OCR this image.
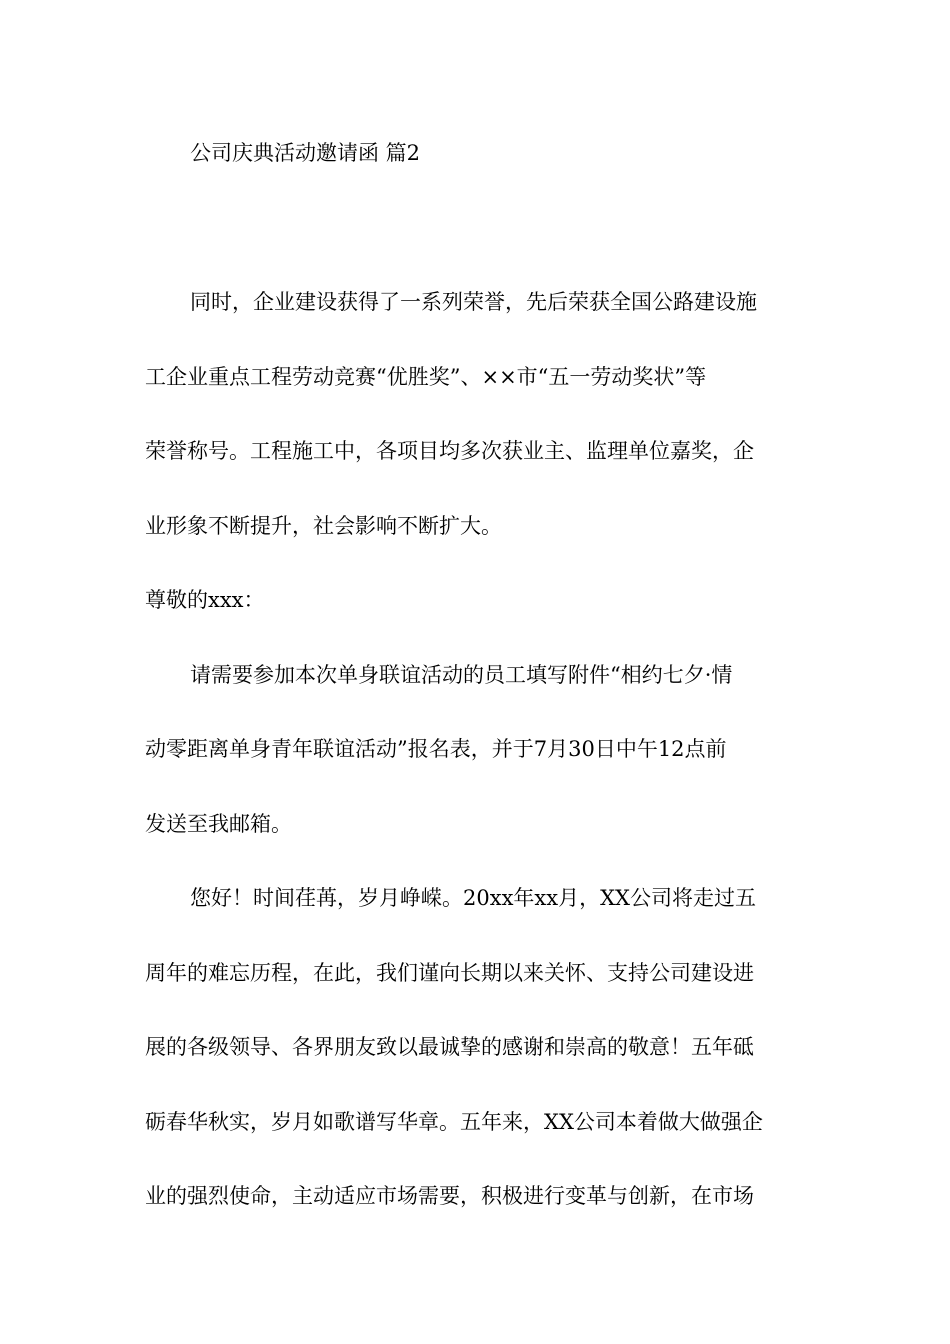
公司庆典活动邀请函 篇2
同时，企业建设获得了一系列荣誉，先后荣获全国公路建设施
工企业重点工程劳动竞赛“优胜奖”、××市“五一劳动奖状”等
荣誉称号。工程施工中，各项目均多次获业主、监理单位嘉奖，企
业形象不断提升，社会影响不断扩大。
尊敬的xxx：
请需要参加本次单身联谊活动的员工填写附件“相约七夕·情
动零距离单身青年联谊活动”报名表，并于7月30日中午12点前
发送至我邮箱。
您好！时间荏苒，岁月峥嵘。20xx年xx月，XX公司将走过五
周年的难忘历程，在此，我们谨向长期以来关怀、支持公司建设进
展的各级领导、各界朋友致以最诚挚的感谢和崇高的敬意！五年砥
砺春华秋实，岁月如歌谱写华章。五年来，XX公司本着做大做强企
业的强烈使命，主动适应市场需要，积极进行变革与创新，在市场
